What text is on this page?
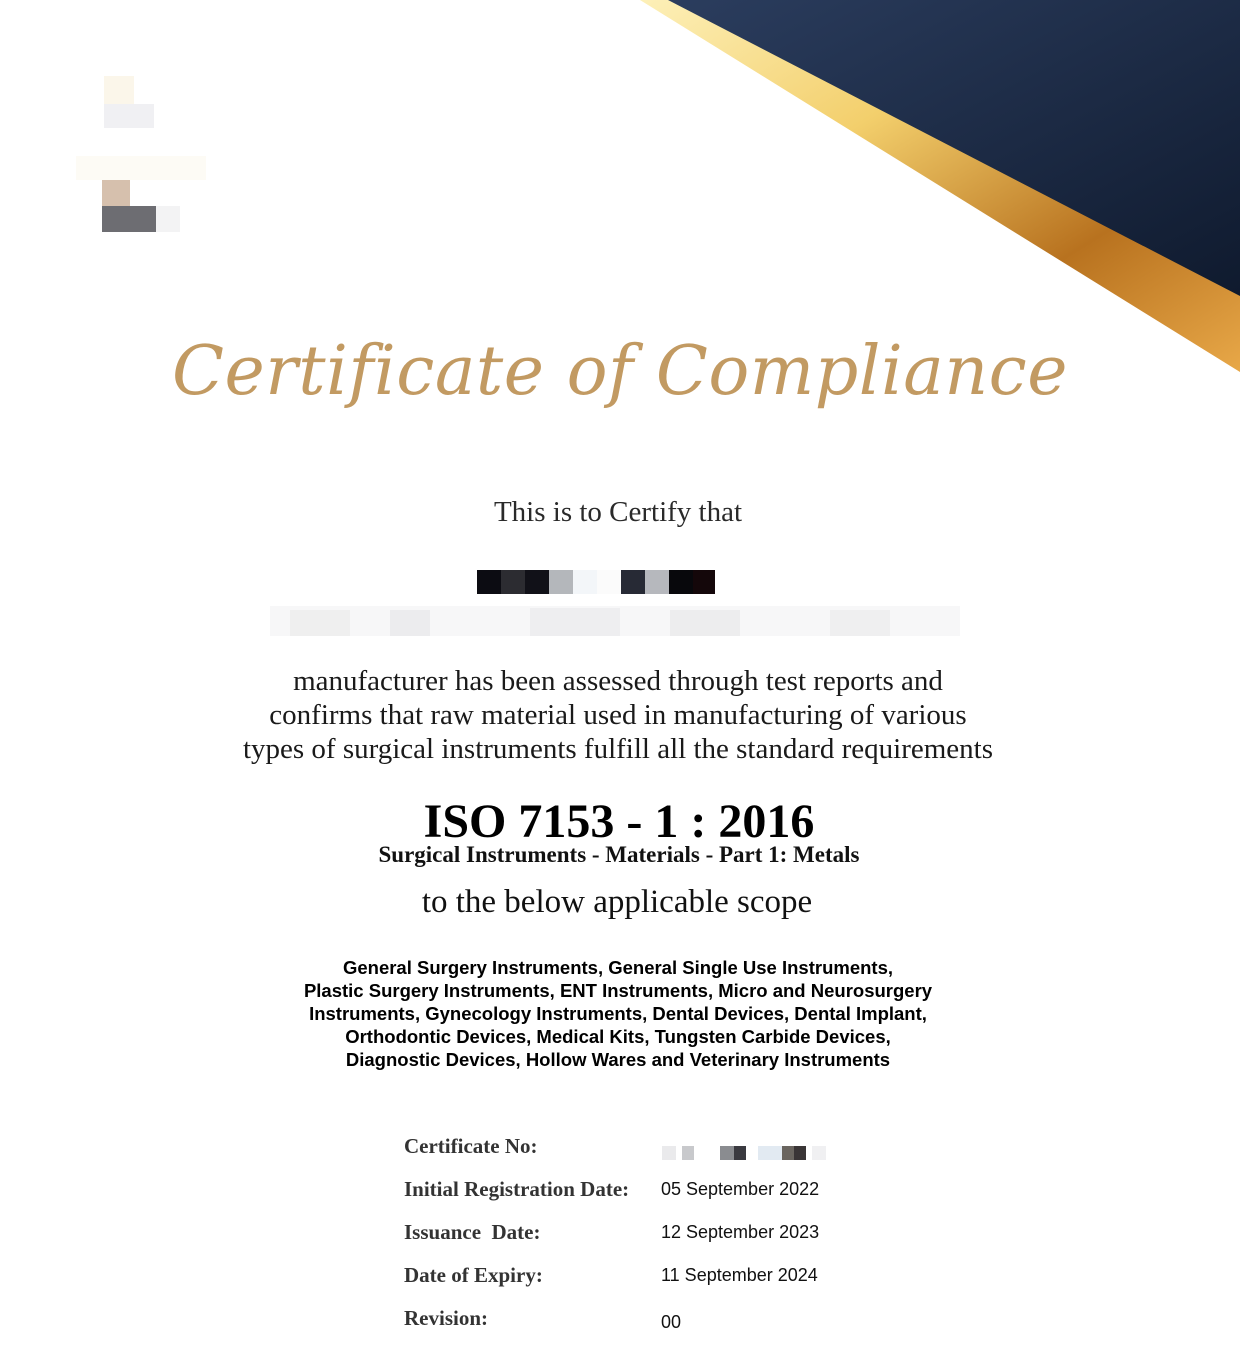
Certificate of Compliance
This is to Certify that
manufacturer has been assessed through test reports and
confirms that raw material used in manufacturing of various
types of surgical instruments fulfill all the standard requirements
ISO 7153 - 1 : 2016
Surgical Instruments - Materials - Part 1: Metals
to the below applicable scope
General Surgery Instruments, General Single Use Instruments,
Plastic Surgery Instruments, ENT Instruments, Micro and Neurosurgery
Instruments, Gynecology Instruments, Dental Devices, Dental Implant,
Orthodontic Devices, Medical Kits, Tungsten Carbide Devices,
Diagnostic Devices, Hollow Wares and Veterinary Instruments
Certificate No:
Initial Registration Date: 05 September 2022
Issuance  Date:	12 September 2023
Date of Expiry:	11 September 2024
Revision:	00
